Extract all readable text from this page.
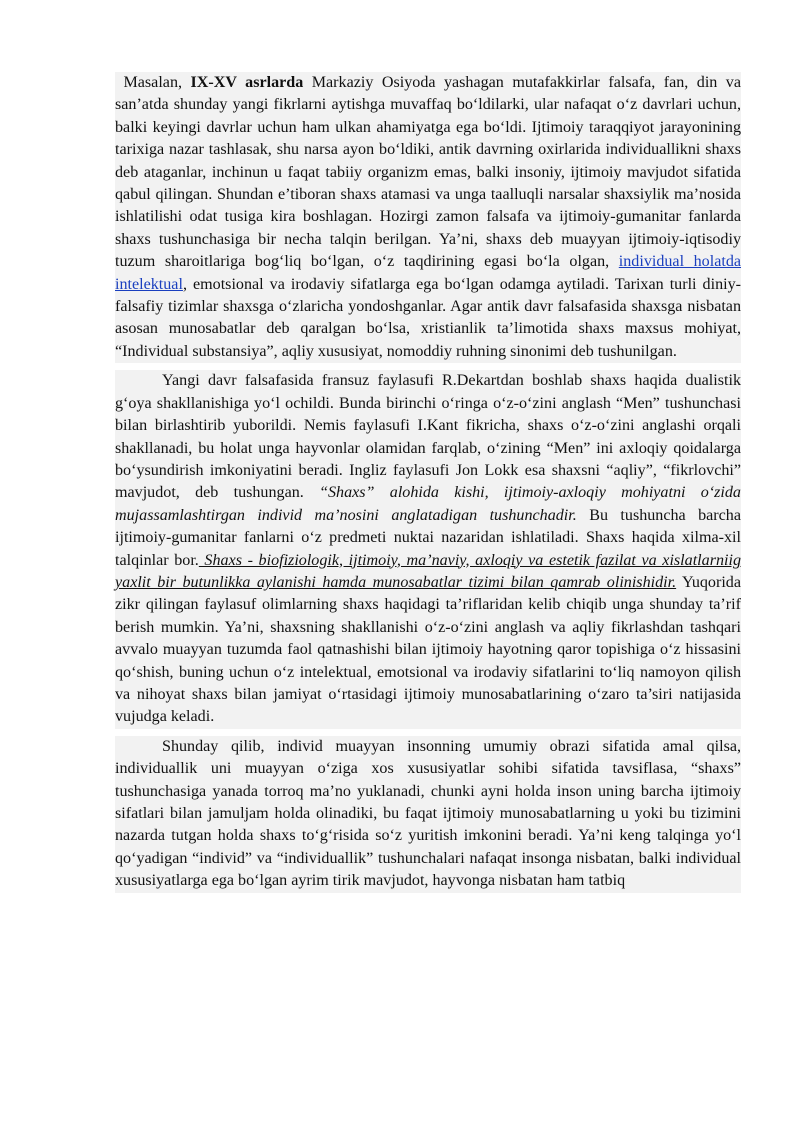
Masalan, IX-XV asrlarda Markaziy Osiyoda yashagan mutafakkirlar falsafa, fan, din va san’atda shunday yangi fikrlarni aytishga muvaffaq bo‘ldilarki, ular nafaqat o‘z davrlari uchun, balki keyingi davrlar uchun ham ulkan ahamiyatga ega bo‘ldi. Ijtimoiy taraqqiyot jarayonining tarixiga nazar tashlasak, shu narsa ayon bo‘ldiki, antik davrning oxirlarida individuallikni shaxs deb ataganlar, inchinun u faqat tabiiy organizm emas, balki insoniy, ijtimoiy mavjudot sifatida qabul qilingan. Shundan e’tiboran shaxs atamasi va unga taalluqli narsalar shaxsiylik ma’nosida ishlatilishi odat tusiga kira boshlagan. Hozirgi zamon falsafa va ijtimoiy-gumanitar fanlarda shaxs tushunchasiga bir necha talqin berilgan. Ya’ni, shaxs deb muayyan ijtimoiy-iqtisodiy tuzum sharoitlariga bog‘liq bo‘lgan, o‘z taqdirining egasi bo‘la olgan, individual holatda intelektual, emotsional va irodaviy sifatlarga ega bo‘lgan odamga aytiladi. Tarixan turli diniy-falsafiy tizimlar shaxsga o‘zlaricha yondoshganlar. Agar antik davr falsafasida shaxsga nisbatan asosan munosabatlar deb qaralgan bo‘lsa, xristianlik ta’limotida shaxs maxsus mohiyat, “Individual substansiya”, aqliy xususiyat, nomoddiy ruhning sinonimi deb tushunilgan.

Yangi davr falsafasida fransuz faylasufi R.Dekartdan boshlab shaxs haqida dualistik g‘oya shakllanishiga yo‘l ochildi. Bunda birinchi o‘ringa o‘z-o‘zini anglash “Men” tushunchasi bilan birlashtirib yuborildi. Nemis faylasufi I.Kant fikricha, shaxs o‘z-o‘zini anglashi orqali shakllanadi, bu holat unga hayvonlar olamidan farqlab, o‘zining “Men” ini axloqiy qoidalarga bo‘ysundirish imkoniyatini beradi. Ingliz faylasufi Jon Lokk esa shaxsni “aqliy”, “fikrlovchi” mavjudot, deb tushungan. “Shaxs” alohida kishi, ijtimoiy-axloqiy mohiyatni o‘zida mujassamlashtirgan individ ma’nosini anglatadigan tushunchadir. Bu tushuncha barcha ijtimoiy-gumanitar fanlarni o‘z predmeti nuktai nazaridan ishlatiladi. Shaxs haqida xilma-xil talqinlar bor. Shaxs - biofiziologik, ijtimoiy, ma’naviy, axloqiy va estetik fazilat va xislatlarniig yaxlit bir butunlikka aylanishi hamda munosabatlar tizimi bilan qamrab olinishidir. Yuqorida zikr qilingan faylasuf olimlarning shaxs haqidagi ta’riflaridan kelib chiqib unga shunday ta’rif berish mumkin. Ya’ni, shaxsning shakllanishi o‘z-o‘zini anglash va aqliy fikrlashdan tashqari avvalo muayyan tuzumda faol qatnashishi bilan ijtimoiy hayotning qaror topishiga o‘z hissasini qo‘shish, buning uchun o‘z intelektual, emotsional va irodaviy sifatlarini to‘liq namoyon qilish va nihoyat shaxs bilan jamiyat o‘rtasidagi ijtimoiy munosabatlarining o‘zaro ta’siri natijasida vujudga keladi.

Shunday qilib, individ muayyan insonning umumiy obrazi sifatida amal qilsa, individuallik uni muayyan o‘ziga xos xususiyatlar sohibi sifatida tavsiflasa, “shaxs” tushunchasiga yanada torroq ma’no yuklanadi, chunki ayni holda inson uning barcha ijtimoiy sifatlari bilan jamuljam holda olinadiki, bu faqat ijtimoiy munosabatlarning u yoki bu tizimini nazarda tutgan holda shaxs to‘g‘risida so‘z yuritish imkonini beradi. Ya’ni keng talqinga yo‘l qo‘yadigan “individ” va “individuallik” tushunchalari nafaqat insonga nisbatan, balki individual xususiyatlarga ega bo‘lgan ayrim tirik mavjudot, hayvonga nisbatan ham tatbiq
